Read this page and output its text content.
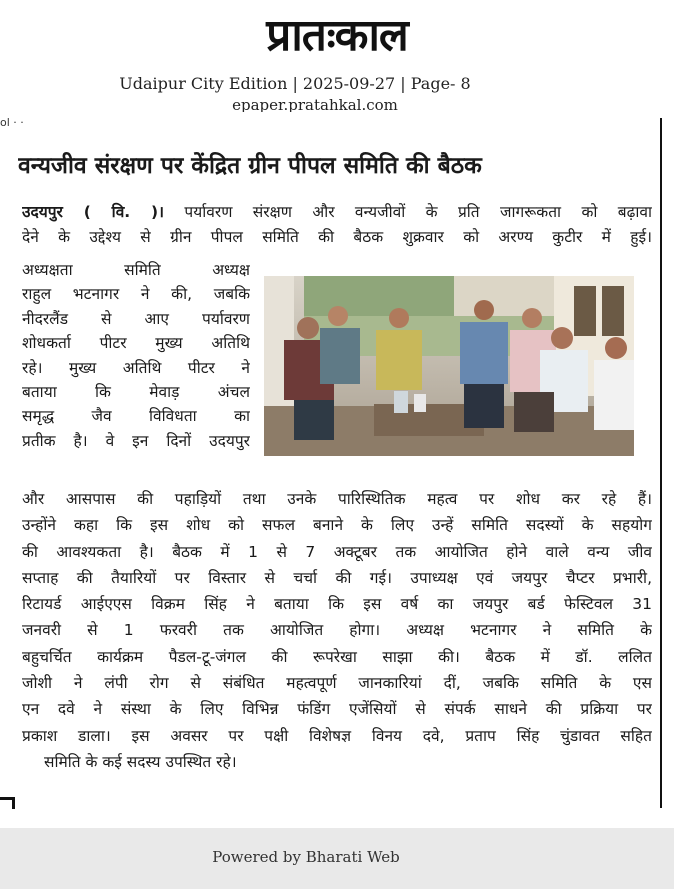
प्रातःकाल
Udaipur City Edition | 2025-09-27 | Page- 8
epaper.pratahkal.com
ol · ·
वन्यजीव संरक्षण पर केंद्रित ग्रीन पीपल समिति की बैठक
उदयपुर ( वि. )। पर्यावरण संरक्षण और वन्यजीवों के प्रति जागरूकता को बढ़ावा
देने के उद्देश्य से ग्रीन पीपल समिति की बैठक शुक्रवार को अरण्य कुटीर में हुई।
अध्यक्षता समिति अध्यक्ष
राहुल भटनागर ने की, जबकि
नीदरलैंड से आए पर्यावरण
शोधकर्ता पीटर मुख्य अतिथि
रहे। मुख्य अतिथि पीटर ने
बताया कि मेवाड़ अंचल
समृद्ध जैव विविधता का
प्रतीक है। वे इन दिनों उदयपुर
और आसपास की पहाड़ियों तथा उनके पारिस्थितिक महत्व पर शोध कर रहे हैं।
उन्होंने कहा कि इस शोध को सफल बनाने के लिए उन्हें समिति सदस्यों के सहयोग
की आवश्यकता है। बैठक में 1 से 7 अक्टूबर तक आयोजित होने वाले वन्य जीव
सप्ताह की तैयारियों पर विस्तार से चर्चा की गई। उपाध्यक्ष एवं जयपुर चैप्टर प्रभारी,
रिटायर्ड आईएएस विक्रम सिंह ने बताया कि इस वर्ष का जयपुर बर्ड फेस्टिवल 31
जनवरी से 1 फरवरी तक आयोजित होगा। अध्यक्ष भटनागर ने समिति के
बहुचर्चित कार्यक्रम पैडल-टू-जंगल की रूपरेखा साझा की। बैठक में डॉ. ललित
जोशी ने लंपी रोग से संबंधित महत्वपूर्ण जानकारियां दीं, जबकि समिति के एस
एन दवे ने संस्था के लिए विभिन्न फंडिंग एजेंसियों से संपर्क साधने की प्रक्रिया पर
प्रकाश डाला। इस अवसर पर पक्षी विशेषज्ञ विनय दवे, प्रताप सिंह चुंडावत सहित
समिति के कई सदस्य उपस्थित रहे।
Powered by Bharati Web
